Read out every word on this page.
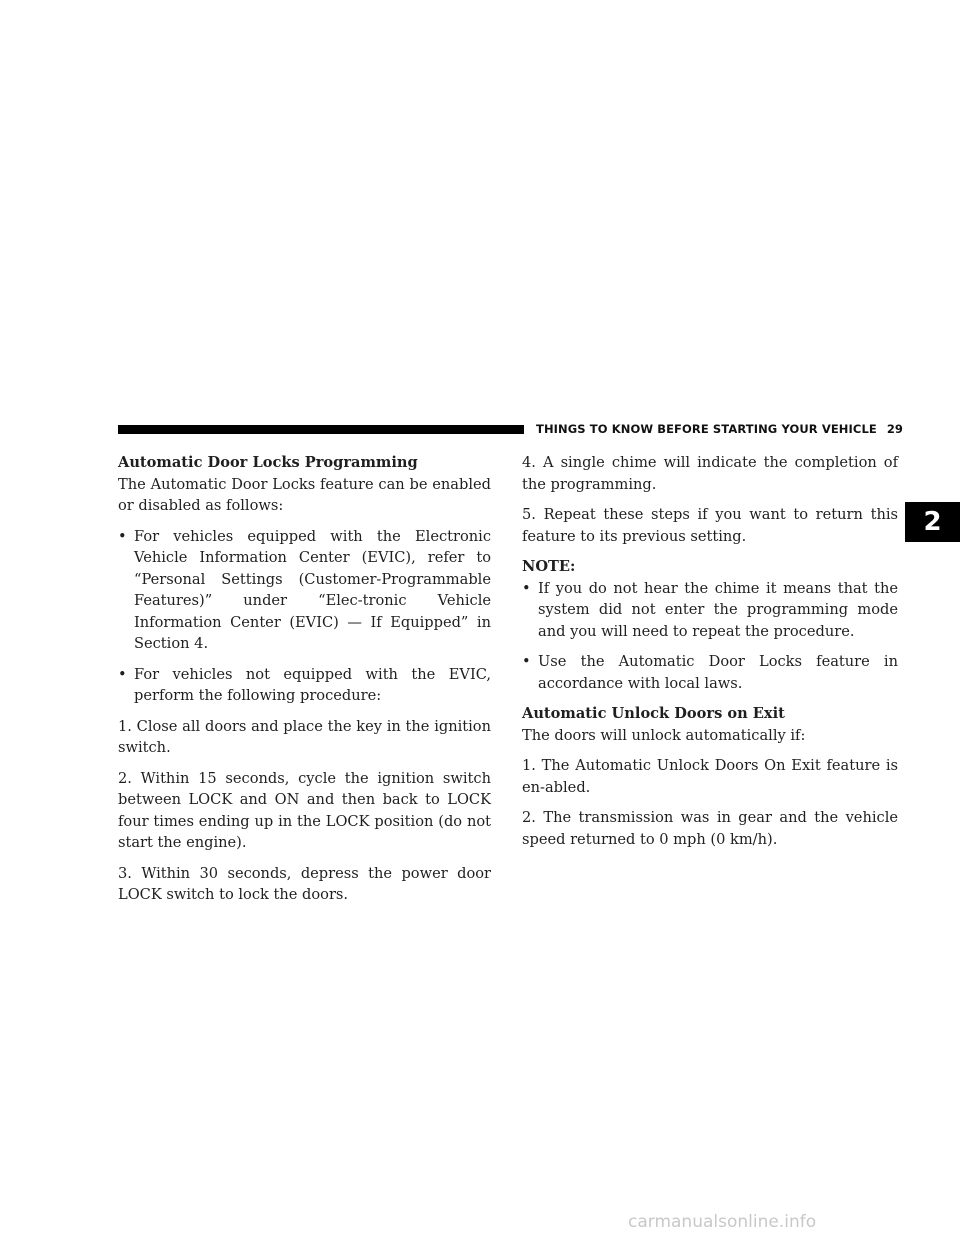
THINGS TO KNOW BEFORE STARTING YOUR VEHICLE 29
2
Automatic Door Locks Programming

The Automatic Door Locks feature can be enabled or disabled as follows:

• For vehicles equipped with the Electronic Vehicle Information Center (EVIC), refer to “Personal Settings (Customer-Programmable Features)” under “Elec-tronic Vehicle Information Center (EVIC) — If Equipped” in Section 4.
• For vehicles not equipped with the EVIC, perform the following procedure:

1. Close all doors and place the key in the ignition switch.

2. Within 15 seconds, cycle the ignition switch between LOCK and ON and then back to LOCK four times ending up in the LOCK position (do not start the engine).

3. Within 30 seconds, depress the power door LOCK switch to lock the doors.

4. A single chime will indicate the completion of the programming.

5. Repeat these steps if you want to return this feature to its previous setting.

NOTE:

• If you do not hear the chime it means that the system did not enter the programming mode and you will need to repeat the procedure.
• Use the Automatic Door Locks feature in accordance with local laws.
Automatic Unlock Doors on Exit

The doors will unlock automatically if:

1. The Automatic Unlock Doors On Exit feature is en-abled.

2. The transmission was in gear and the vehicle speed returned to 0 mph (0 km/h).

carmanualsonline.info
